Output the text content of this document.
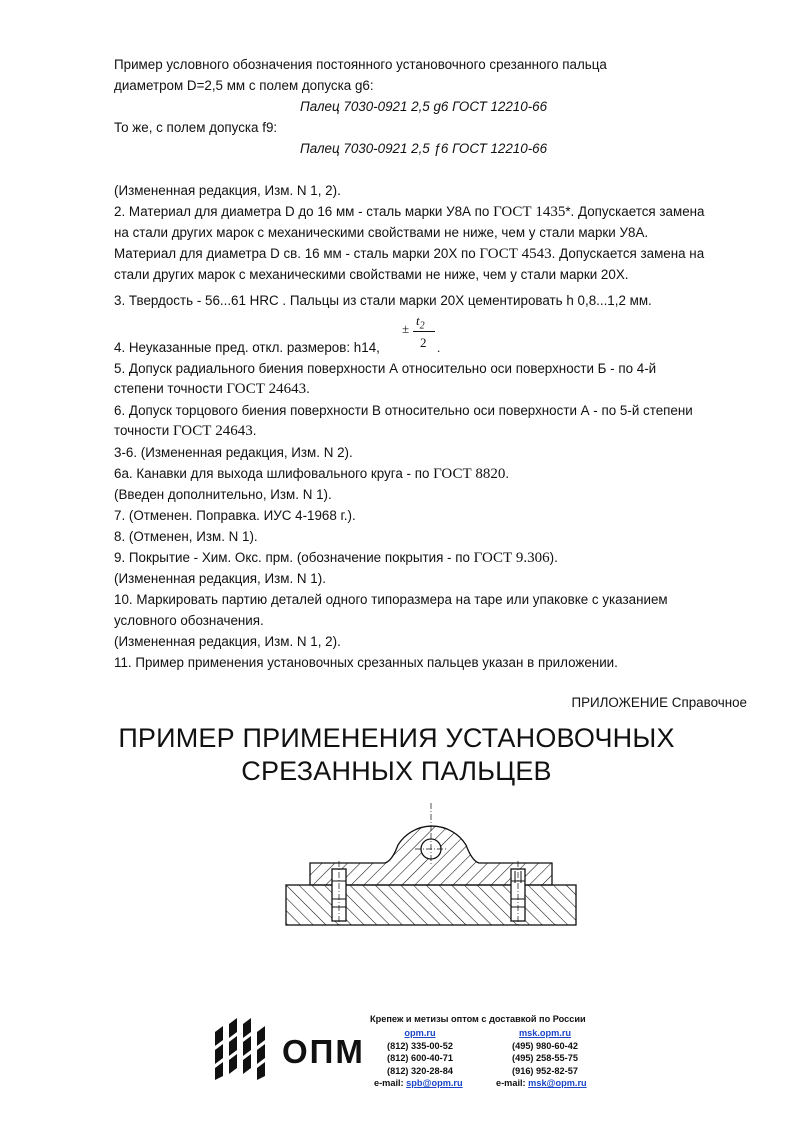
Пример условного обозначения постоянного установочного срезанного пальца
диаметром D=2,5 мм с полем допуска g6:
Палец 7030-0921 2,5 g6 ГОСТ 12210-66
То же, с полем допуска f9:
Палец 7030-0921 2,5 ƒ6 ГОСТ 12210-66
(Измененная редакция, Изм. N 1, 2).
2. Материал для диаметра D до 16 мм - сталь марки У8А по ГОСТ 1435*. Допускается замена
на стали других марок с механическими свойствами не ниже, чем у стали марки У8А.
Материал для диаметра D св. 16 мм - сталь марки 20Х по ГОСТ 4543. Допускается замена на
стали других марок с механическими свойствами не ниже, чем у стали марки 20Х.
3. Твердость - 56...61 HRC . Пальцы из стали марки 20Х цементировать h 0,8...1,2 мм.
4. Неуказанные пред. откл. размеров: h14,
±
$t_2$
2 .
5. Допуск радиального биения поверхности А относительно оси поверхности Б - по 4-й
степени точности ГОСТ 24643.
6. Допуск торцового биения поверхности В относительно оси поверхности А - по 5-й степени
точности ГОСТ 24643.
3-6. (Измененная редакция, Изм. N 2).
6а. Канавки для выхода шлифовального круга - по ГОСТ 8820.
(Введен дополнительно, Изм. N 1).
7. (Отменен. Поправка. ИУС 4-1968 г.).
8. (Отменен, Изм. N 1).
9. Покрытие - Хим. Окс. прм. (обозначение покрытия - по ГОСТ 9.306).
(Измененная редакция, Изм. N 1).
10. Маркировать партию деталей одного типоразмера на таре или упаковке с указанием
условного обозначения.
(Измененная редакция, Изм. N 1, 2).
11. Пример применения установочных срезанных пальцев указан в приложении.
ПРИЛОЖЕНИЕ Справочное
ПРИМЕР ПРИМЕНЕНИЯ УСТАНОВОЧНЫХ
СРЕЗАННЫХ ПАЛЬЦЕВ
Крепеж и метизы оптом с доставкой по России
ОПМ	opm.ru
(812) 335-00-52
(812) 600-40-71
(812) 320-28-84
msk.opm.ru
(495) 980-60-42
(495) 258-55-75
(916) 952-82-57
e-mail: spb@opm.ru	e-mail: msk@opm.ru
